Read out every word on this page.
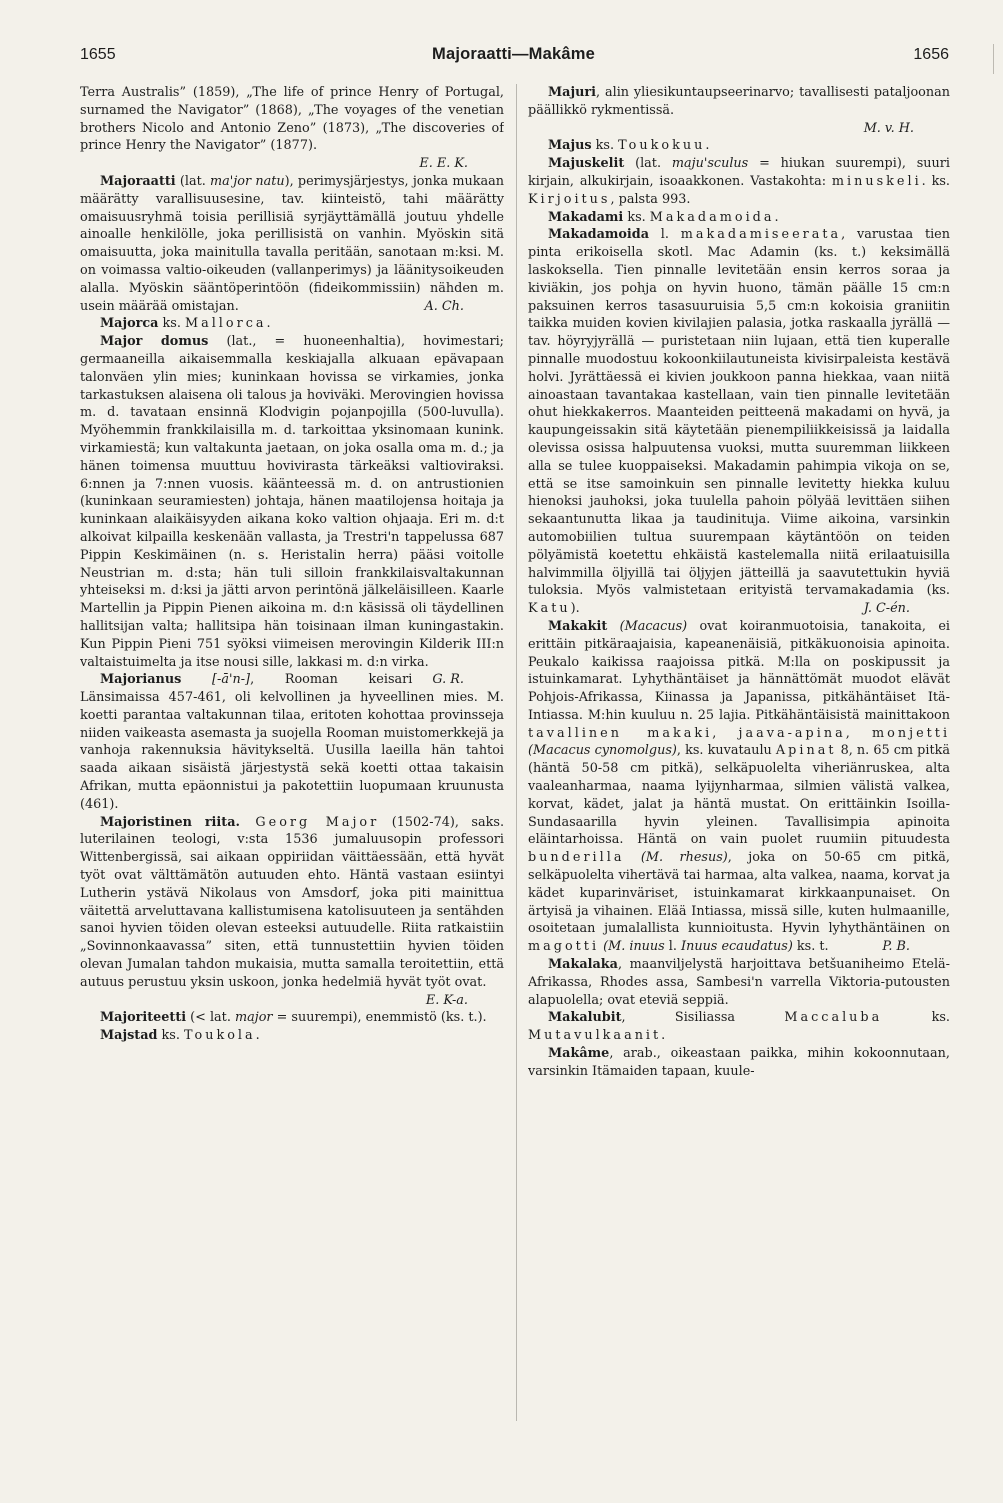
1655	Majoraatti—Makâme	1656

Terra Australis” (1859), „The life of prince Henry of Portugal, surnamed the Navigator” (1868), „The voyages of the venetian brothers Nicolo and Antonio Zeno” (1873), „The discoveries of prince Henry the Navigator” (1877).

E. E. K.

Majoraatti (lat. ma'jor natu), perimysjärjestys, jonka mukaan määrätty varallisuusesine, tav. kiinteistö, tahi määrätty omaisuusryhmä toisia perillisiä syrjäyttämällä joutuu yhdelle ainoalle henkilölle, joka perillisistä on vanhin. Myöskin sitä omaisuutta, joka mainitulla tavalla peritään, sanotaan m:ksi. M. on voimassa valtio-oikeuden (vallanperimys) ja läänitysoikeuden alalla. Myöskin sääntöperintöön (fideikommissiin) nähden m. usein määrää omistajan.	A. Ch.

Majorca ks. Mallorca.

Major domus (lat., = huoneenhaltia), hovimestari; germaaneilla aikaisemmalla keskiajalla alkuaan epävapaan talonväen ylin mies; kuninkaan hovissa se virkamies, jonka tarkastuksen alaisena oli talous ja hoviväki. Merovingien hovissa m. d. tavataan ensinnä Klodvigin pojanpojilla (500-luvulla). Myöhemmin frankkilaisilla m. d. tarkoittaa yksinomaan kunink. virkamiestä; kun valtakunta jaetaan, on joka osalla oma m. d.; ja hänen toimensa muuttuu hovivirasta tärkeäksi valtioviraksi. 6:nnen ja 7:nnen vuosis. käänteessä m. d. on antrustionien (kuninkaan seuramiesten) johtaja, hänen maatilojensa hoitaja ja kuninkaan alaikäisyyden aikana koko valtion ohjaaja. Eri m. d:t alkoivat kilpailla keskenään vallasta, ja Trestri'n tappelussa 687 Pippin Keskimäinen (n. s. Heristalin herra) pääsi voitolle Neustrian m. d:sta; hän tuli silloin frankkilaisvaltakunnan yhteiseksi m. d:ksi ja jätti arvon perintönä jälkeläisilleen. Kaarle Martellin ja Pippin Pienen aikoina m. d:n käsissä oli täydellinen hallitsijan valta; hallitsipa hän toisinaan ilman kuningastakin. Kun Pippin Pieni 751 syöksi viimeisen merovingin Kilderik III:n valtaistuimelta ja itse nousi sille, lakkasi m. d:n virka.
G. R.

Majorianus [-ā'n-], Rooman keisari Länsimaissa 457-461, oli kelvollinen ja hyveellinen mies. M. koetti parantaa valtakunnan tilaa, eritoten kohottaa provinsseja niiden vaikeasta asemasta ja suojella Rooman muistomerkkejä ja vanhoja rakennuksia hävitykseltä. Uusilla laeilla hän tahtoi saada aikaan sisäistä järjestystä sekä koetti ottaa takaisin Afrikan, mutta epäonnistui ja pakotettiin luopumaan kruunusta (461).

Majoristinen riita. Georg Major (1502-74), saks. luterilainen teologi, v:sta 1536 jumaluusopin professori Wittenbergissä, sai aikaan oppiriidan väittäessään, että hyvät työt ovat välttämätön autuuden ehto. Häntä vastaan esiintyi Lutherin ystävä Nikolaus von Amsdorf, joka piti mainittua väitettä arveluttavana kallistumisena katolisuuteen ja sentähden sanoi hyvien töiden olevan esteeksi autuudelle. Riita ratkaistiin „Sovinnonkaavassa” siten, että tunnustettiin hyvien töiden olevan Jumalan tahdon mukaisia, mutta samalla teroitettiin, että autuus perustuu yksin uskoon, jonka hedelmiä hyvät työt ovat.

E. K-a.

Majoriteetti (< lat. major = suurempi), enemmistö (ks. t.).

Majstad ks. Toukola.

Majuri, alin yliesikuntaupseerinarvo; tavallisesti pataljoonan päällikkö rykmentissä.

M. v. H.

Majus ks. Toukokuu.

Majuskelit (lat. maju'sculus = hiukan suurempi), suuri kirjain, alkukirjain, isoaakkonen. Vastakohta: minuskeli. ks. Kirjoitus, palsta 993.

Makadami ks. Makadamoida.

Makadamoida l. makadamiseerata, varustaa tien pinta erikoisella skotl. Mac Adamin (ks. t.) keksimällä laskoksella. Tien pinnalle levitetään ensin kerros soraa ja kiviäkin, jos pohja on hyvin huono, tämän päälle 15 cm:n paksuinen kerros tasasuuruisia 5,5 cm:n kokoisia graniitin taikka muiden kovien kivilajien palasia, jotka raskaalla jyrällä — tav. höyryjyrällä — puristetaan niin lujaan, että tien kuperalle pinnalle muodostuu kokoonkiilautuneista kivisirpaleista kestävä holvi. Jyrättäessä ei kivien joukkoon panna hiekkaa, vaan niitä ainoastaan tavantakaa kastellaan, vain tien pinnalle levitetään ohut hiekkakerros. Maanteiden peitteenä makadami on hyvä, ja kaupungeissakin sitä käytetään pienempiliikkeisissä ja laidalla olevissa osissa halpuutensa vuoksi, mutta suuremman liikkeen alla se tulee kuoppaiseksi. Makadamin pahimpia vikoja on se, että se itse samoinkuin sen pinnalle levitetty hiekka kuluu hienoksi jauhoksi, joka tuulella pahoin pölyää levittäen siihen sekaantunutta likaa ja taudinituja. Viime aikoina, varsinkin automobiilien tultua suurempaan käytäntöön on teiden pölyämistä koetettu ehkäistä kastelemalla niitä erilaatuisilla halvimmilla öljyillä tai öljyjen jätteillä ja saavutettukin hyviä tuloksia. Myös valmistetaan erityistä tervamakadamia (ks. Katu).	J. C-én.

Makakit (Macacus) ovat koiranmuotoisia, tanakoita, ei erittäin pitkäraajaisia, kapeanenäisiä, pitkäkuonoisia apinoita. Peukalo kaikissa raajoissa pitkä. M:lla on poskipussit ja istuinkamarat. Lyhythäntäiset ja hännättömät muodot elävät Pohjois-Afrikassa, Kiinassa ja Japanissa, pitkähäntäiset Itä-Intiassa. M:hin kuuluu n. 25 lajia. Pitkähäntäisistä mainittakoon tavallinen makaki, jaava-apina, monjetti (Macacus cynomolgus), ks. kuvataulu Apinat 8, n. 65 cm pitkä (häntä 50-58 cm pitkä), selkäpuolelta viheriänruskea, alta vaaleanharmaa, naama lyijynharmaa, silmien välistä valkea, korvat, kädet, jalat ja häntä mustat. On erittäinkin Isoilla-Sundasaarilla hyvin yleinen. Tavallisimpia apinoita eläintarhoissa. Häntä on vain puolet ruumiin pituudesta bunderilla (M. rhesus), joka on 50-65 cm pitkä, selkäpuolelta vihertävä tai harmaa, alta valkea, naama, korvat ja kädet kuparinväriset, istuinkamarat kirkkaanpunaiset. On ärtyisä ja vihainen. Elää Intiassa, missä sille, kuten hulmaanille, osoitetaan jumalallista kunnioitusta. Hyvin lyhythäntäinen on magotti (M. inuus l. Inuus ecaudatus) ks. t.	P. B.

Makalaka, maanviljelystä harjoittava betšuaniheimo Etelä-Afrikassa, Rhodes assa, Sambesi'n varrella Viktoria-putousten alapuolella; ovat eteviä seppiä.

Makalubit, Sisiliassa Maccaluba ks. Mutavulkaanit.

Makâme, arab., oikeastaan paikka, mihin kokoonnutaan, varsinkin Itämaiden tapaan, kuule-
